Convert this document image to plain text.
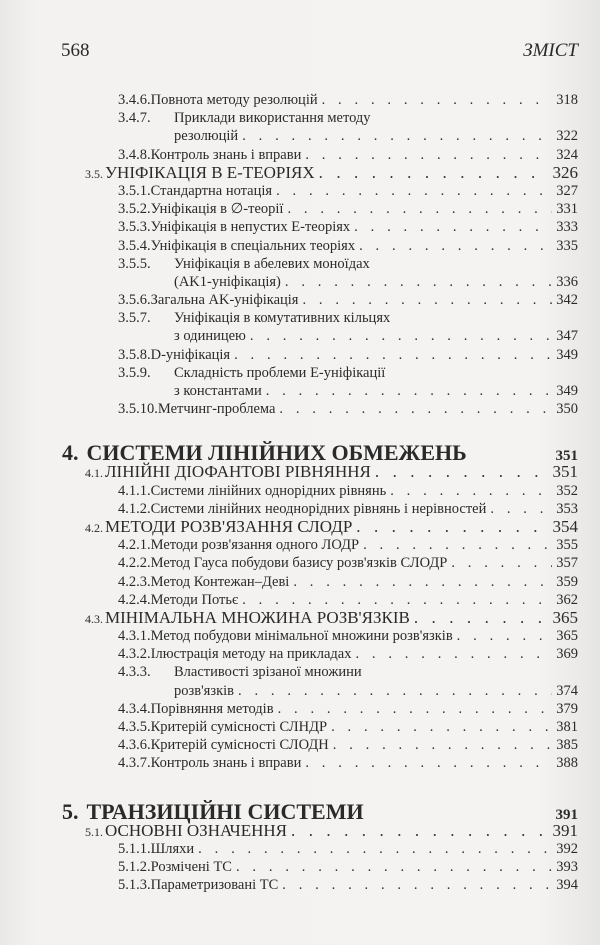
568	ЗМІСТ
3.4.6. Повнота методу резолюцій . . .	318
3.4.7.	Приклади використання методу
резолюцій . . .	322
3.4.8. Контроль знань і вправи . . .	324
3.5. УНІФІКАЦІЯ В E-ТЕОРІЯХ . . .	326
3.5.1. Стандартна нотація . . .	327
3.5.2. Уніфікація в ∅-теорії . . .	331
3.5.3. Уніфікація в непустих E-теоріях . . .	333
3.5.4. Уніфікація в спеціальних теоріях . . .	335
3.5.5.	Уніфікація в абелевих моноїдах
(AK1-уніфікація) . . .	336
3.5.6. Загальна AK-уніфікація . . .	342
3.5.7.	Уніфікація в комутативних кільцях
з одиницею . . .	347
3.5.8. D-уніфікація . . .	349
3.5.9.	Складність проблеми E-уніфікації
з константами . . .	349
3.5.10. Метчинг-проблема . . .	350
4. СИСТЕМИ ЛІНІЙНИХ ОБМЕЖЕНЬ	351
4.1. ЛІНІЙНІ ДІОФАНТОВІ РІВНЯННЯ . . .	351
4.1.1. Системи лінійних однорідних рівнянь . . .	352
4.1.2. Системи лінійних неоднорідних рівнянь і нерівностей . . .	353
4.2. МЕТОДИ РОЗВ'ЯЗАННЯ СЛОДР . . .	354
4.2.1. Методи розв'язання одного ЛОДР . . .	355
4.2.2. Метод Гауса побудови базису розв'язків СЛОДР . . .	357
4.2.3. Метод Контежан–Деві . . .	359
4.2.4. Методи Потьє . . .	362
4.3. МІНІМАЛЬНА МНОЖИНА РОЗВ'ЯЗКІВ . . .	365
4.3.1. Метод побудови мінімальної множини розв'язків . . .	365
4.3.2. Ілюстрація методу на прикладах . . .	369
4.3.3.	Властивості зрізаної множини
розв'язків . . .	374
4.3.4. Порівняння методів . . .	379
4.3.5. Критерій сумісності СЛНДР . . .	381
4.3.6. Критерій сумісності СЛОДН . . .	385
4.3.7. Контроль знань і вправи . . .	388
5. ТРАНЗИЦІЙНІ СИСТЕМИ	391
5.1. ОСНОВНІ ОЗНАЧЕННЯ . . .	391
5.1.1. Шляхи . . .	392
5.1.2. Розмічені ТС . . .	393
5.1.3. Параметризовані ТС . . .	394
